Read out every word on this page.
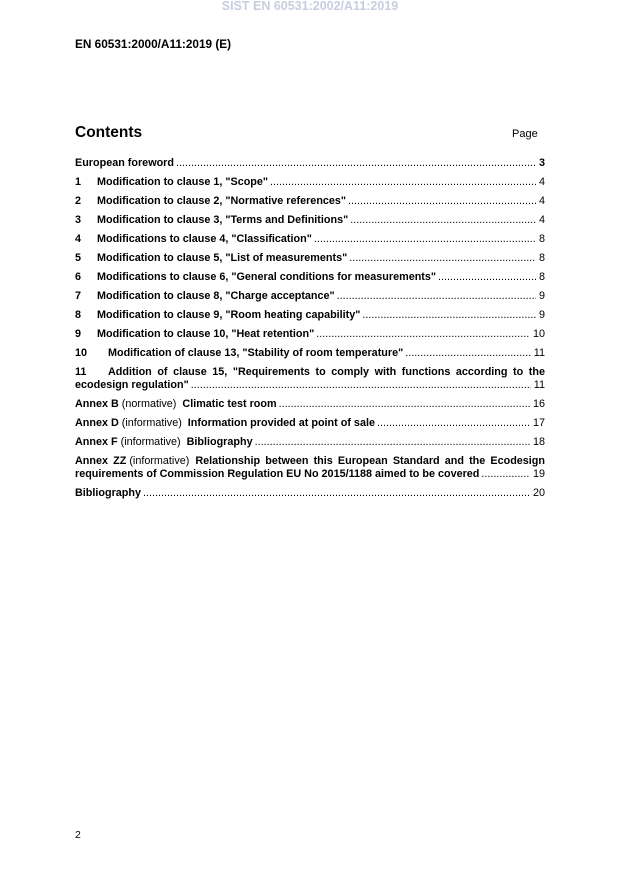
SIST EN 60531:2002/A11:2019
EN 60531:2000/A11:2019 (E)
Contents	Page
European foreword .....	3
1	Modification to clause 1, "Scope" .....	4
2	Modification to clause 2, "Normative references" .....	4
3	Modification to clause 3, "Terms and Definitions" .....	4
4	Modifications to clause 4, "Classification" .....	8
5	Modification to clause 5, "List of measurements" .....	8
6	Modifications to clause 6, "General conditions for measurements" .....	8
7	Modification to clause 8, "Charge acceptance" .....	9
8	Modification to clause 9, "Room heating capability" .....	9
9	Modification to clause 10, "Heat retention" .....	10
10	Modification of clause 13, "Stability of room temperature" .....	11
11 Addition of clause 15, "Requirements to comply with functions according to the
ecodesign regulation" .....	11
Annex B (normative) Climatic test room .....	16
Annex D (informative) Information provided at point of sale .....	17
Annex F (informative) Bibliography .....	18
Annex ZZ (informative) Relationship between this European Standard and the Ecodesign
requirements of Commission Regulation EU No 2015/1188 aimed to be covered .....	19
Bibliography .....	20
2
